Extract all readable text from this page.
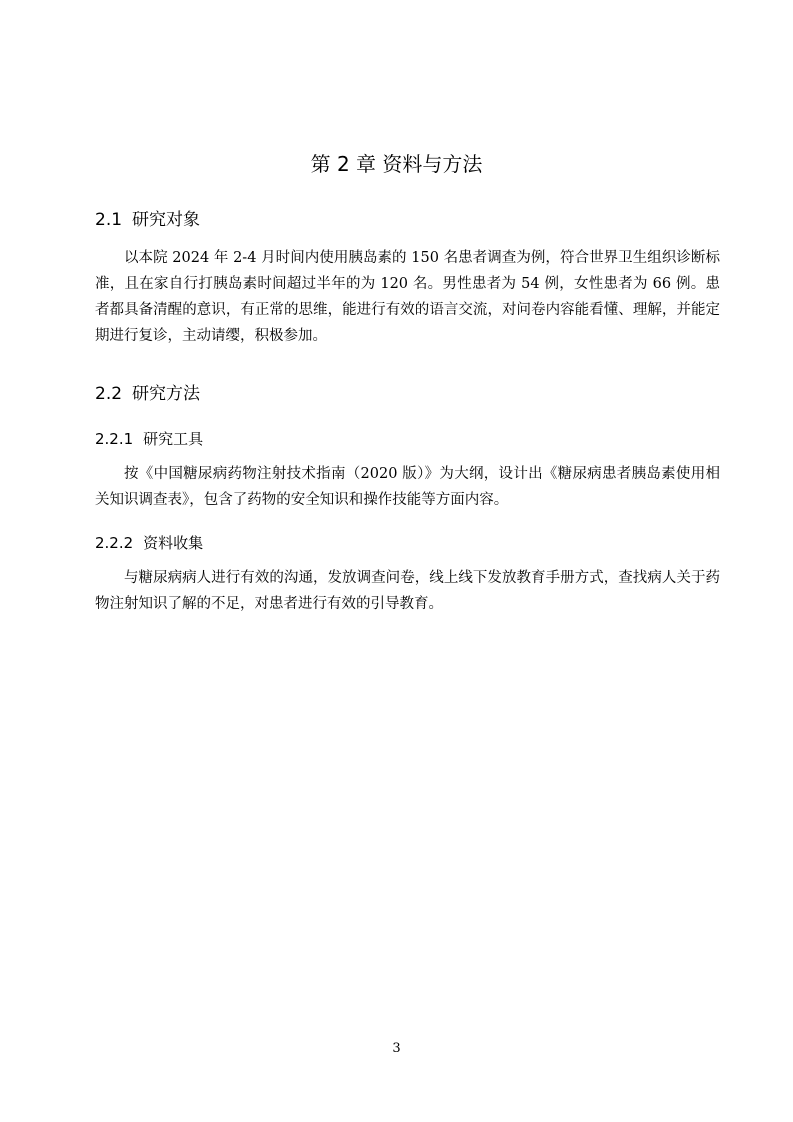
第 2 章 资料与方法
2.1 研究对象

以本院 2024 年 2-4 月时间内使用胰岛素的 150 名患者调查为例，符合世界卫生组织诊断标准，且在家自行打胰岛素时间超过半年的为 120 名。男性患者为 54 例，女性患者为 66 例。患者都具备清醒的意识，有正常的思维，能进行有效的语言交流，对问卷内容能看懂、理解，并能定期进行复诊，主动请缨，积极参加。

2.2 研究方法
2.2.1 研究工具

按《中国糖尿病药物注射技术指南（2020 版）》为大纲，设计出《糖尿病患者胰岛素使用相关知识调查表》，包含了药物的安全知识和操作技能等方面内容。

2.2.2 资料收集

与糖尿病病人进行有效的沟通，发放调查问卷，线上线下发放教育手册方式，查找病人关于药物注射知识了解的不足，对患者进行有效的引导教育。

3
